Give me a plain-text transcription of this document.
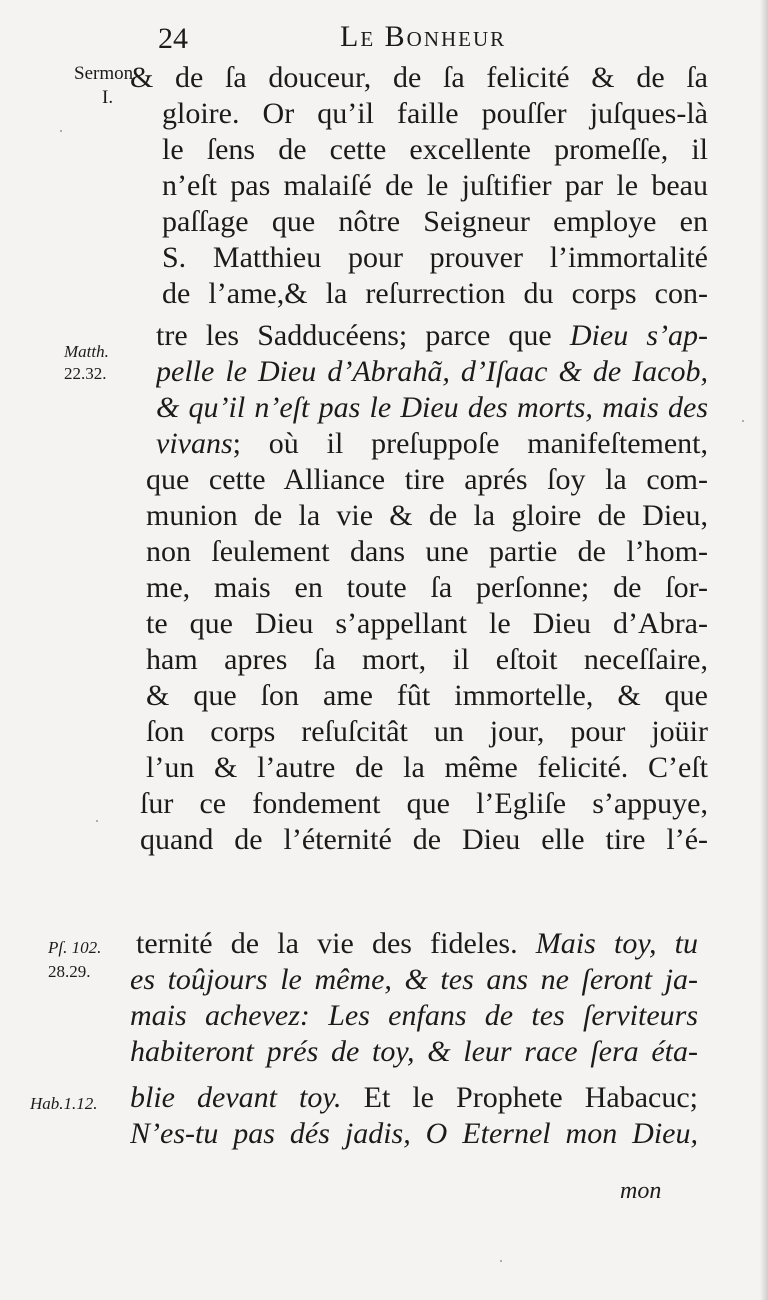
24	Le Bonheur
Sermon
I.
Matth.
22.32.
Pſ. 102.
28.29.
Hab.1.12.
& de ſa douceur, de ſa felicité & de ſa
gloire. Or qu’il faille pouſſer juſques-là
le ſens de cette excellente promeſſe, il
n’eſt pas malaiſé de le juſtifier par le beau
paſſage que nôtre Seigneur employe en
S. Matthieu pour prouver l’immortalité
de l’ame,& la reſurrection du corps con-
tre les Sadducéens; parce que Dieu s’ap-
pelle le Dieu d’Abrahã, d’Iſaac & de Iacob,
& qu’il n’eſt pas le Dieu des morts, mais des
vivans; où il preſuppoſe manifeſtement,
que cette Alliance tire aprés ſoy la com-
munion de la vie & de la gloire de Dieu,
non ſeulement dans une partie de l’hom-
me, mais en toute ſa perſonne; de ſor-
te que Dieu s’appellant le Dieu d’Abra-
ham apres ſa mort, il eſtoit neceſſaire,
& que ſon ame fût immortelle, & que
ſon corps reſuſcitât un jour, pour joüir
l’un & l’autre de la même felicité. C’eſt
ſur ce fondement que l’Egliſe s’appuye,
quand de l’éternité de Dieu elle tire l’é-
ternité de la vie des fideles. Mais toy, tu
es toûjours le même, & tes ans ne ſeront ja-
mais achevez: Les enfans de tes ſerviteurs
habiteront prés de toy, & leur race ſera éta-
blie devant toy. Et le Prophete Habacuc;
N’es-tu pas dés jadis, O Eternel mon Dieu,
mon
